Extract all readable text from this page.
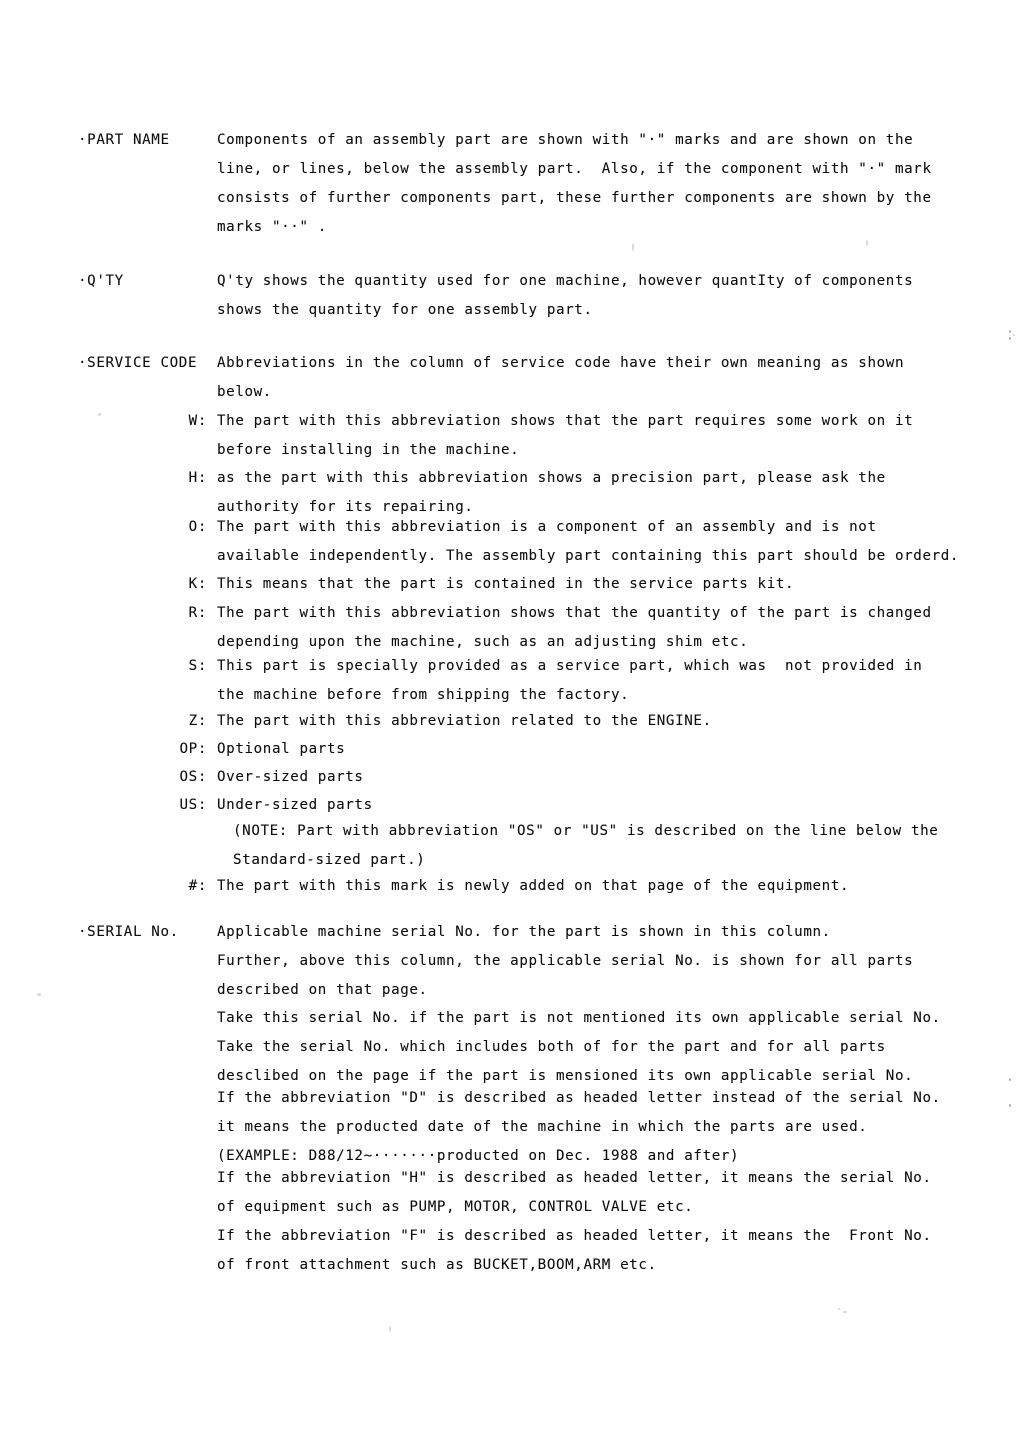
·PART NAME	Components of an assembly part are shown with "·" marks and are shown on the
line, or lines, below the assembly part.  Also, if the component with "·" mark
consists of further components part, these further components are shown by the
marks "··" .
·Q'TY	Q'ty shows the quantity used for one machine, however quantIty of components
shows the quantity for one assembly part.
·SERVICE CODE Abbreviations in the column of service code have their own meaning as shown
below.
W: The part with this abbreviation shows that the part requires some work on it
before installing in the machine.
H: as the part with this abbreviation shows a precision part, please ask the
authority for its repairing.
O: The part with this abbreviation is a component of an assembly and is not
available independently. The assembly part containing this part should be orderd.
K: This means that the part is contained in the service parts kit.
R: The part with this abbreviation shows that the quantity of the part is changed
depending upon the machine, such as an adjusting shim etc.
S: This part is specially provided as a service part, which was  not provided in
the machine before from shipping the factory.
Z: The part with this abbreviation related to the ENGINE.
OP: Optional parts
OS: Over-sized parts
US: Under-sized parts
(NOTE: Part with abbreviation "OS" or "US" is described on the line below the
Standard-sized part.)
#: The part with this mark is newly added on that page of the equipment.
·SERIAL No.	Applicable machine serial No. for the part is shown in this column.
Further, above this column, the applicable serial No. is shown for all parts
described on that page.
Take this serial No. if the part is not mentioned its own applicable serial No.
Take the serial No. which includes both of for the part and for all parts
desclibed on the page if the part is mensioned its own applicable serial No.
If the abbreviation "D" is described as headed letter instead of the serial No.
it means the producted date of the machine in which the parts are used.
(EXAMPLE: D88/12~·······producted on Dec. 1988 and after)
If the abbreviation "H" is described as headed letter, it means the serial No.
of equipment such as PUMP, MOTOR, CONTROL VALVE etc.
If the abbreviation "F" is described as headed letter, it means the  Front No.
of front attachment such as BUCKET,BOOM,ARM etc.
